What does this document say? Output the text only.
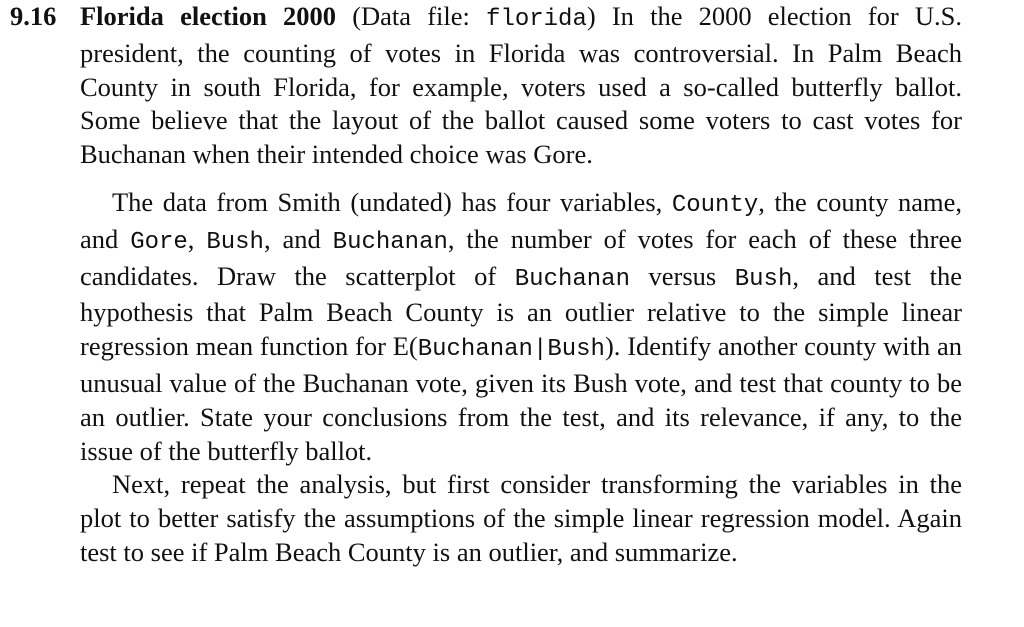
9.16 Florida election 2000 (Data file: florida) In the 2000 election for U.S. president, the counting of votes in Florida was controversial. In Palm Beach County in south Florida, for example, voters used a so-called butterfly ballot. Some believe that the layout of the ballot caused some voters to cast votes for Buchanan when their intended choice was Gore.

The data from Smith (undated) has four variables, County, the county name, and Gore, Bush, and Buchanan, the number of votes for each of these three candidates. Draw the scatterplot of Buchanan versus Bush, and test the hypothesis that Palm Beach County is an outlier relative to the simple linear regression mean function for E(Buchanan|Bush). Identify another county with an unusual value of the Buchanan vote, given its Bush vote, and test that county to be an outlier. State your conclusions from the test, and its relevance, if any, to the issue of the butterfly ballot.

Next, repeat the analysis, but first consider transforming the variables in the plot to better satisfy the assumptions of the simple linear regression model. Again test to see if Palm Beach County is an outlier, and summarize.
